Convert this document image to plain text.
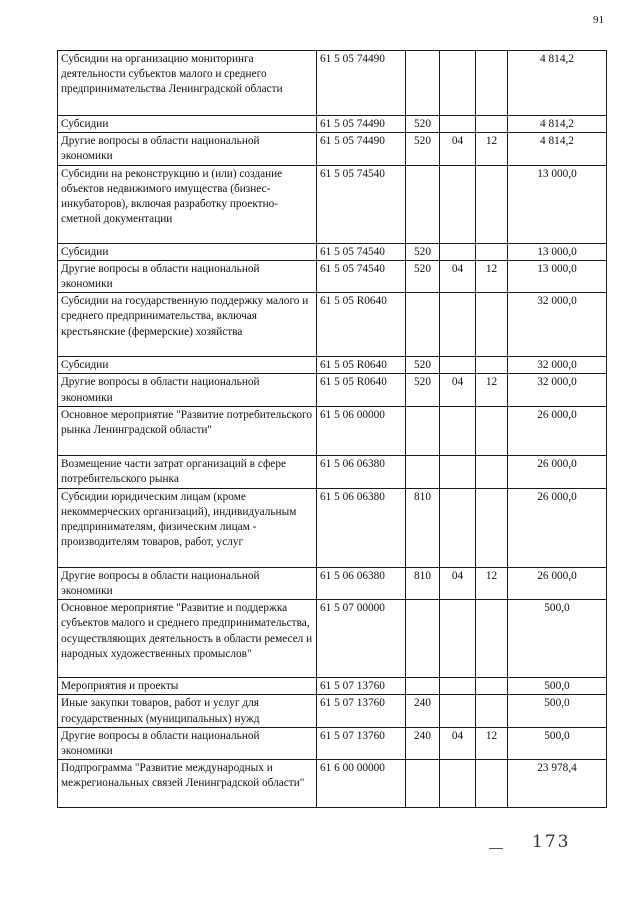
91
Субсидии на организацию мониторинга деятельности субъектов малого и среднего предпринимательства Ленинградской области	61 5 05 74490				4 814,2
Субсидии	61 5 05 74490	520			4 814,2
Другие вопросы в области национальной экономики	61 5 05 74490	520	04	12	4 814,2
Субсидии на реконструкцию и (или) создание объектов недвижимого имущества (бизнес-инкубаторов), включая разработку проектно-сметной документации	61 5 05 74540				13 000,0
Субсидии	61 5 05 74540	520			13 000,0
Другие вопросы в области национальной экономики	61 5 05 74540	520	04	12	13 000,0
Субсидии на государственную поддержку малого и среднего предпринимательства, включая крестьянские (фермерские) хозяйства	61 5 05 R0640				32 000,0
Субсидии	61 5 05 R0640	520			32 000,0
Другие вопросы в области национальной экономики	61 5 05 R0640	520	04	12	32 000,0
Основное мероприятие "Развитие потребительского рынка Ленинградской области"	61 5 06 00000				26 000,0
Возмещение части затрат организаций в сфере потребительского рынка	61 5 06 06380				26 000,0
Субсидии юридическим лицам (кроме некоммерческих организаций), индивидуальным предпринимателям, физическим лицам - производителям товаров, работ, услуг	61 5 06 06380	810			26 000,0
Другие вопросы в области национальной экономики	61 5 06 06380	810	04	12	26 000,0
Основное мероприятие "Развитие и поддержка субъектов малого и среднего предпринимательства, осуществляющих деятельность в области ремесел и народных художественных промыслов"	61 5 07 00000				500,0
Мероприятия и проекты	61 5 07 13760				500,0
Иные закупки товаров, работ и услуг для государственных (муниципальных) нужд	61 5 07 13760	240			500,0
Другие вопросы в области национальной экономики	61 5 07 13760	240	04	12	500,0
Подпрограмма "Развитие международных и межрегиональных связей Ленинградской области"	61 6 00 00000				23 978,4
173
